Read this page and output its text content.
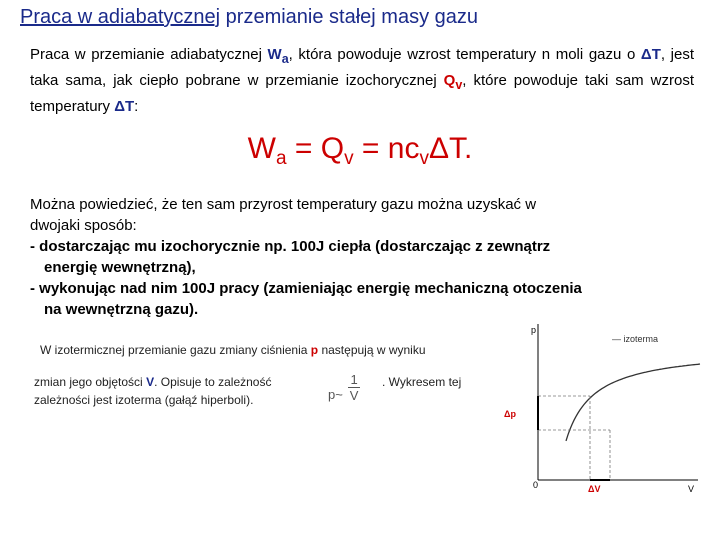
Praca w adiabatycznej przemianie stałej masy gazu
Praca w przemianie adiabatycznej $W_a$, która powoduje wzrost temperatury n moli gazu o ΔT, jest taka sama, jak ciepło pobrane w przemianie izochorycznej $Q_v$, które powoduje taki sam wzrost temperatury ΔT:
$W_a = Q_v = nc_v\Delta T$.
Można powiedzieć, że ten sam przyrost temperatury gazu można uzyskać w
dwojaki sposób:
- dostarczając mu izochorycznie np. 100J ciepła (dostarczając z zewnątrz
energię wewnętrzną),
- wykonując nad nim 100J pracy (zamieniając energię mechaniczną otoczenia
na wewnętrzną gazu).
W izotermicznej przemianie gazu zmiany ciśnienia p następują w wyniku
zmian jego objętości V. Opisuje to zależność
p~ $\frac{1}{V}$ . Wykresem tej
zależności jest izoterma (gałąź hiperboli).
p
V
0
— izoterma
Δp
ΔV
